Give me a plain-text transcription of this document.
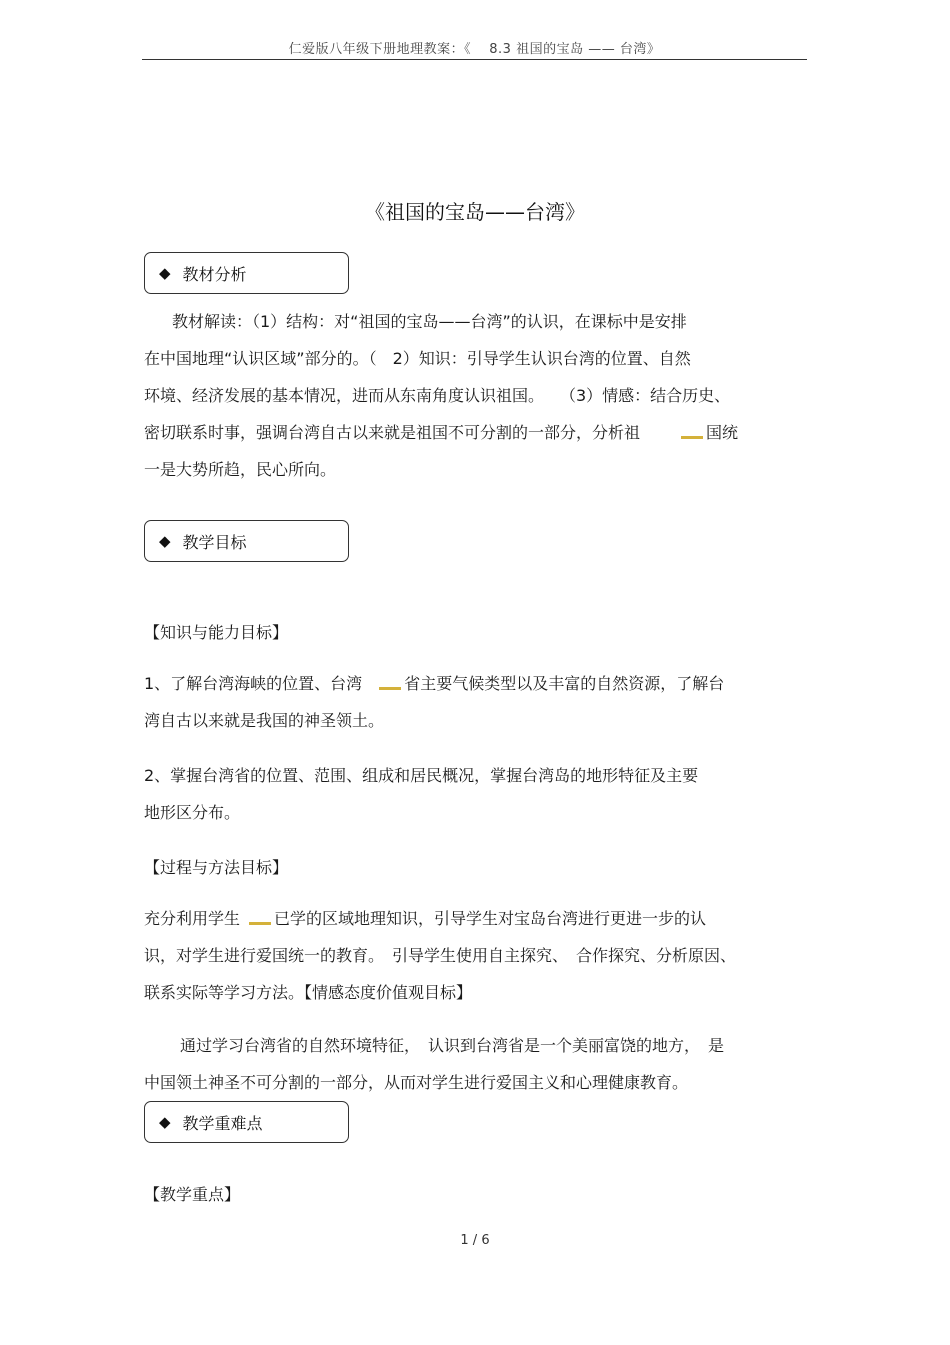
仁爱版八年级下册地理教案：《　 8.3 祖国的宝岛 —— 台湾》
《祖国的宝岛——台湾》
◆ 教材分析
教材解读：（1）结构：对“祖国的宝岛——台湾”的认识，在课标中是安排
在中国地理“认识区域”部分的。（　2）知识：引导学生认识台湾的位置、自然
环境、经济发展的基本情况，进而从东南角度认识祖国。　　（3）情感：结合历史、
密切联系时事，强调台湾自古以来就是祖国不可分割的一部分，分析祖	国统
一是大势所趋，民心所向。
◆ 教学目标
【知识与能力目标】
1、了解台湾海峡的位置、台湾	省主要气候类型以及丰富的自然资源，了解台
湾自古以来就是我国的神圣领土。
2、掌握台湾省的位置、范围、组成和居民概况，掌握台湾岛的地形特征及主要
地形区分布。
【过程与方法目标】
充分利用学生 已学的区域地理知识，引导学生对宝岛台湾进行更进一步的认
识，对学生进行爱国统一的教育。　引导学生使用自主探究、　合作探究、分析原因、
联系实际等学习方法。【情感态度价值观目标】
通过学习台湾省的自然环境特征，　认识到台湾省是一个美丽富饶的地方，　是
中国领土神圣不可分割的一部分，从而对学生进行爱国主义和心理健康教育。
◆ 教学重难点
【教学重点】
1 / 6
